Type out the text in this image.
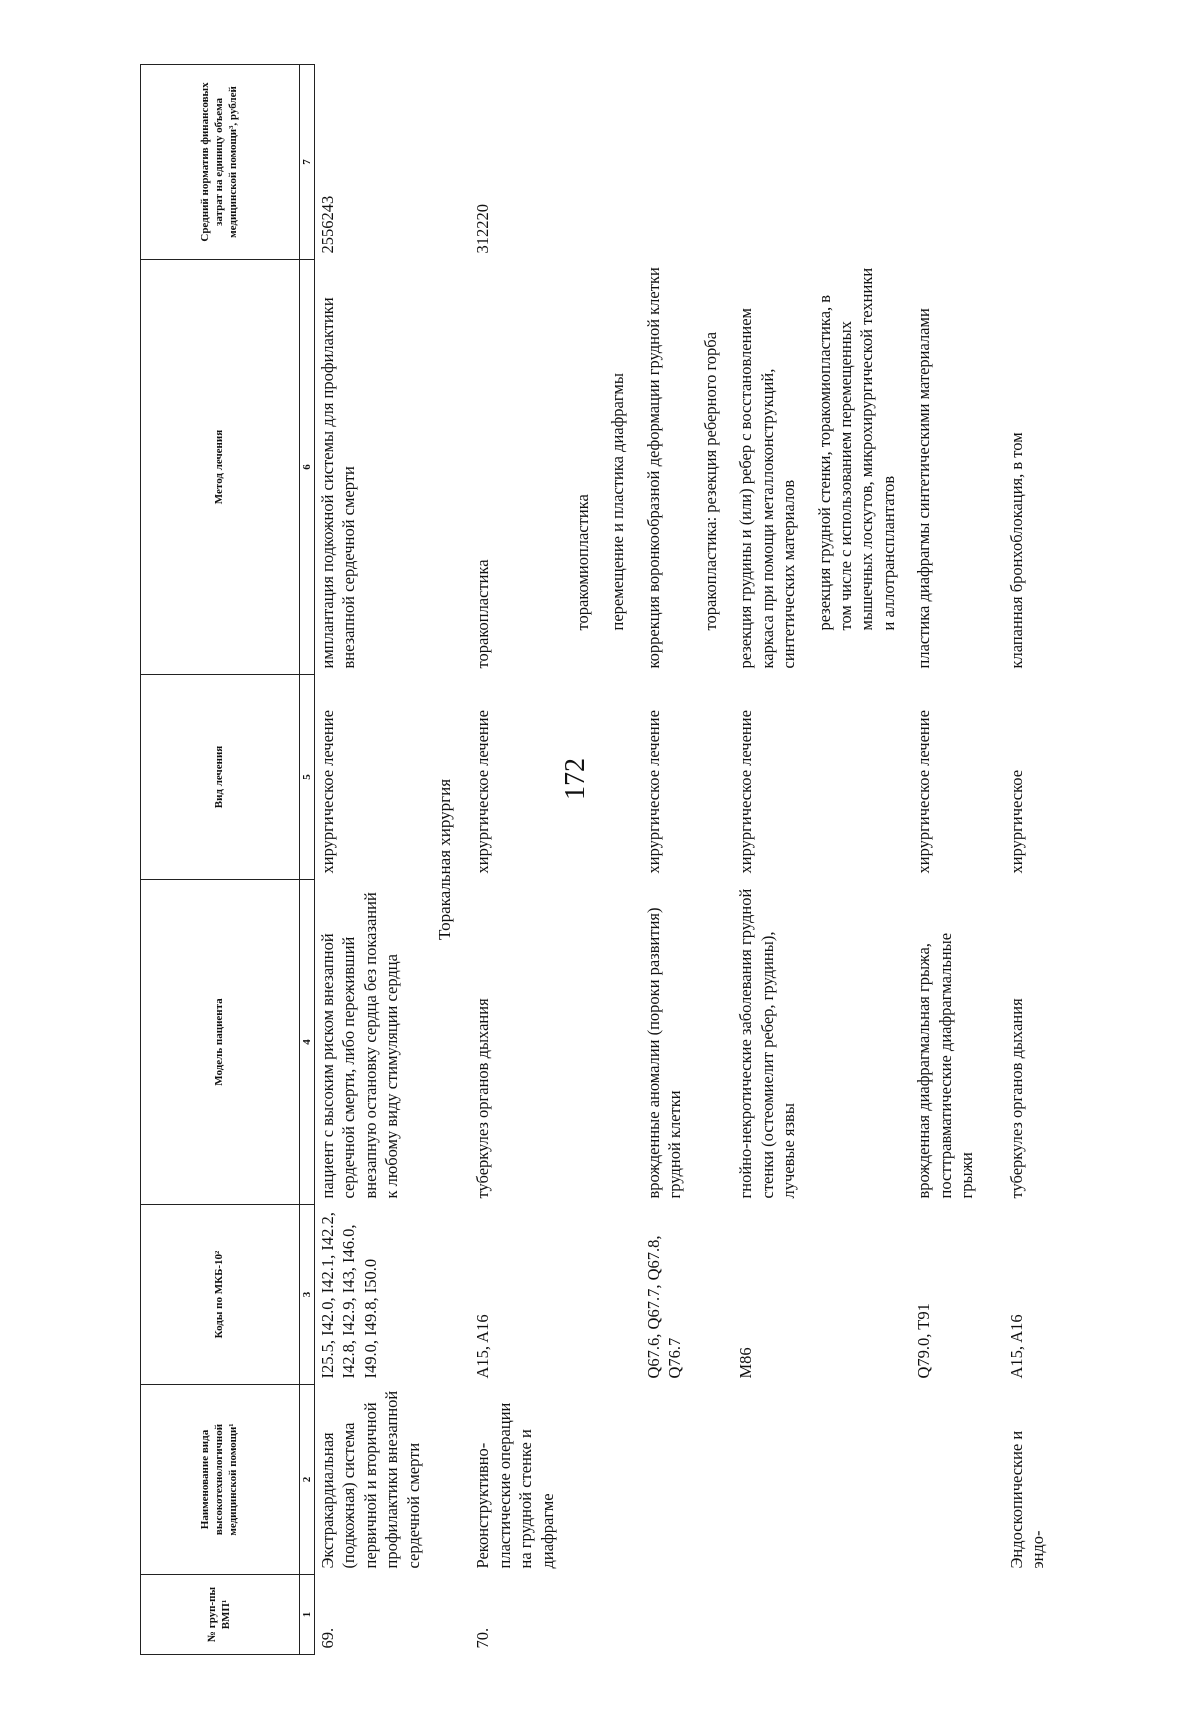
172
№ груп-пы ВМП¹	Наименование вида высокотехнологичной медицинской помощи¹	Коды по МКБ-10²	Модель пациента	Вид лечения	Метод лечения	Средний норматив финансовых затрат на единицу объема медицинской помощи³, рублей
1	2	3	4	5	6	7
69.	Экстракардиальная (подкожная) система первичной и вторичной профилактики внезапной сердечной смерти	I25.5, I42.0, I42.1, I42.2, I42.8, I42.9, I43, I46.0, I49.0, I49.8, I50.0	пациент с высоким риском внезапной сердечной смерти, либо переживший внезапную остановку сердца без показаний к любому виду стимуляции сердца	хирургическое лечение	имплантация подкожной системы для профилактики внезапной сердечной смерти	2556243
Торакальная хирургия						
70.	Реконструктивно-пластические операции на грудной стенке и диафрагме	A15, A16	туберкулез органов дыхания	хирургическое лечение	торакопластика	312220

					торакомиопластика	

					перемещение и пластика диафрагмы	

		Q67.6, Q67.7, Q67.8, Q76.7	врожденные аномалии (пороки развития) грудной клетки	хирургическое лечение	коррекция воронкообразной деформации грудной клетки	

					торакопластика: резекция реберного горба	

		M86	гнойно-некротические заболевания грудной стенки (остеомиелит ребер, грудины), лучевые язвы	хирургическое лечение	резекция грудины и (или) ребер с восстановлением каркаса при помощи металлоконструкций, синтетических материалов	

					резекция грудной стенки, торакомиопластика, в том числе с использованием перемещенных мышечных лоскутов, микрохирургической техники и аллотрансплантатов	

		Q79.0, T91	врожденная диафрагмальная грыжа, посттравматические диафрагмальные грыжи	хирургическое лечение	пластика диафрагмы синтетическими материалами	

	Эндоскопические и эндо-	A15, A16	туберкулез органов дыхания	хирургическое	клапанная бронхоблокация, в том	
